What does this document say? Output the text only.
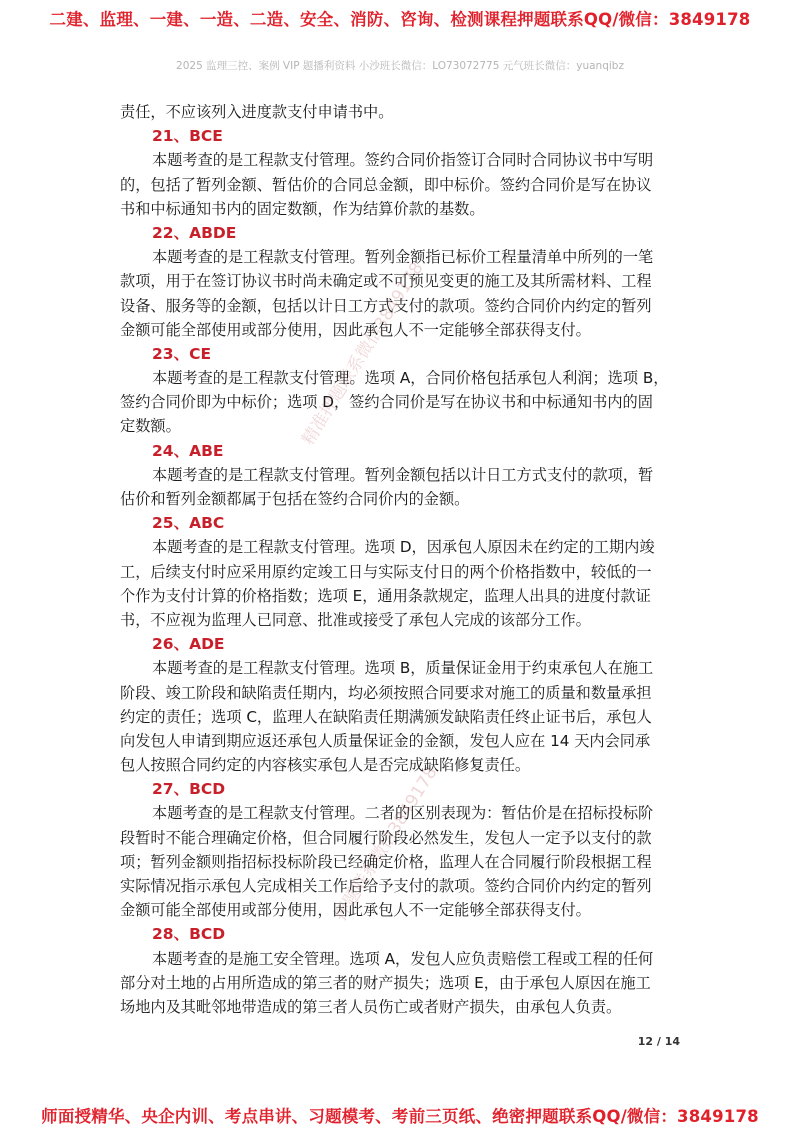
二建、监理、一建、一造、二造、安全、消防、咨询、检测课程押题联系QQ/微信：3849178
2025 监理三控、案例 VIP 题播利资料 小沙班长微信：LO73072775 元气班长微信：yuanqibz
精准押题联系微信3849178
押题联系微信3849178
责任，不应该列入进度款支付申请书中。
21、BCE
本题考查的是工程款支付管理。签约合同价指签订合同时合同协议书中写明
的，包括了暂列金额、暂估价的合同总金额，即中标价。签约合同价是写在协议
书和中标通知书内的固定数额，作为结算价款的基数。
22、ABDE
本题考查的是工程款支付管理。暂列金额指已标价工程量清单中所列的一笔
款项，用于在签订协议书时尚未确定或不可预见变更的施工及其所需材料、工程
设备、服务等的金额，包括以计日工方式支付的款项。签约合同价内约定的暂列
金额可能全部使用或部分使用，因此承包人不一定能够全部获得支付。
23、CE
本题考查的是工程款支付管理。选项 A，合同价格包括承包人利润；选项 B，
签约合同价即为中标价；选项 D，签约合同价是写在协议书和中标通知书内的固
定数额。
24、ABE
本题考查的是工程款支付管理。暂列金额包括以计日工方式支付的款项，暂
估价和暂列金额都属于包括在签约合同价内的金额。
25、ABC
本题考查的是工程款支付管理。选项 D，因承包人原因未在约定的工期内竣
工，后续支付时应采用原约定竣工日与实际支付日的两个价格指数中，较低的一
个作为支付计算的价格指数；选项 E，通用条款规定，监理人出具的进度付款证
书，不应视为监理人已同意、批准或接受了承包人完成的该部分工作。
26、ADE
本题考查的是工程款支付管理。选项 B，质量保证金用于约束承包人在施工
阶段、竣工阶段和缺陷责任期内，均必须按照合同要求对施工的质量和数量承担
约定的责任；选项 C，监理人在缺陷责任期满颁发缺陷责任终止证书后，承包人
向发包人申请到期应返还承包人质量保证金的金额，发包人应在 14 天内会同承
包人按照合同约定的内容核实承包人是否完成缺陷修复责任。
27、BCD
本题考查的是工程款支付管理。二者的区别表现为：暂估价是在招标投标阶
段暂时不能合理确定价格，但合同履行阶段必然发生，发包人一定予以支付的款
项；暂列金额则指招标投标阶段已经确定价格，监理人在合同履行阶段根据工程
实际情况指示承包人完成相关工作后给予支付的款项。签约合同价内约定的暂列
金额可能全部使用或部分使用，因此承包人不一定能够全部获得支付。
28、BCD
本题考查的是施工安全管理。选项 A，发包人应负责赔偿工程或工程的任何
部分对土地的占用所造成的第三者的财产损失；选项 E，由于承包人原因在施工
场地内及其毗邻地带造成的第三者人员伤亡或者财产损失，由承包人负责。
12 / 14
师面授精华、央企内训、考点串讲、习题模考、考前三页纸、绝密押题联系QQ/微信：3849178
